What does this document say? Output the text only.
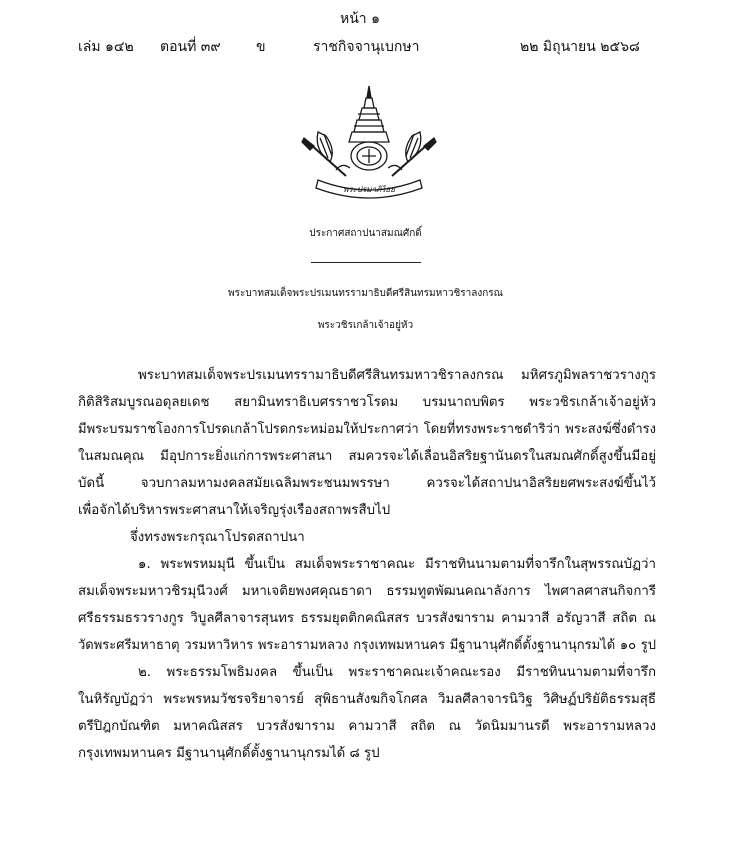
หน้า ๑
เล่ม ๑๔๒ ตอนที่ ๓๙	ข	ราชกิจจานุเบกษา	๒๒ มิถุนายน ๒๕๖๘
พระปรมาภิไธย
ประกาศสถาปนาสมณศักดิ์
พระบาทสมเด็จพระปรเมนทรรามาธิบดีศรีสินทรมหาวชิราลงกรณ
พระวชิรเกล้าเจ้าอยู่หัว
พระบาทสมเด็จพระปรเมนทรรามาธิบดีศรีสินทรมหาวชิราลงกรณ มหิศรภูมิพลราชวรางกูร
กิติสิริสมบูรณอดุลยเดช สยามินทราธิเบศรราชวโรดม บรมนาถบพิตร พระวชิรเกล้าเจ้าอยู่หัว
มีพระบรมราชโองการโปรดเกล้าโปรดกระหม่อมให้ประกาศว่า โดยที่ทรงพระราชดำริว่า พระสงฆ์ซึ่งดำรง
ในสมณคุณ มีอุปการะยิ่งแก่การพระศาสนา สมควรจะได้เลื่อนอิสริยฐานันดรในสมณศักดิ์สูงขึ้นมีอยู่
บัดนี้ จวบกาลมหามงคลสมัยเฉลิมพระชนมพรรษา ควรจะได้สถาปนาอิสริยยศพระสงฆ์ขึ้นไว้
เพื่อจักได้บริหารพระศาสนาให้เจริญรุ่งเรืองสถาพรสืบไป
จึ่งทรงพระกรุณาโปรดสถาปนา
๑. พระพรหมมุนี ขึ้นเป็น สมเด็จพระราชาคณะ มีราชทินนามตามที่จารึกในสุพรรณบัฏว่า
สมเด็จพระมหาวชิรมุนีวงศ์ มหาเจติยพงศคุณธาดา ธรรมทูตพัฒนคณาลังการ ไพศาลศาสนกิจการี
ศรีธรรมธรวรางกูร วิบูลศีลาจารสุนทร ธรรมยุตติกคณิสสร บวรสังฆาราม คามวาสี อรัญวาสี สถิต ณ
วัดพระศรีมหาธาตุ วรมหาวิหาร พระอารามหลวง กรุงเทพมหานคร มีฐานานุศักดิ์ตั้งฐานานุกรมได้ ๑๐ รูป
๒. พระธรรมโพธิมงคล ขึ้นเป็น พระราชาคณะเจ้าคณะรอง มีราชทินนามตามที่จารึก
ในหิรัญบัฏว่า พระพรหมวัชรจริยาจารย์ สุพิธานสังฆกิจโกศล วิมลศีลาจารนิวิฐ วิศิษฏ์ปริยัติธรรมสุธี
ตรีปิฎกบัณฑิต มหาคณิสสร บวรสังฆาราม คามวาสี สถิต ณ วัดนิมมานรดี พระอารามหลวง
กรุงเทพมหานคร มีฐานานุศักดิ์ตั้งฐานานุกรมได้ ๘ รูป
